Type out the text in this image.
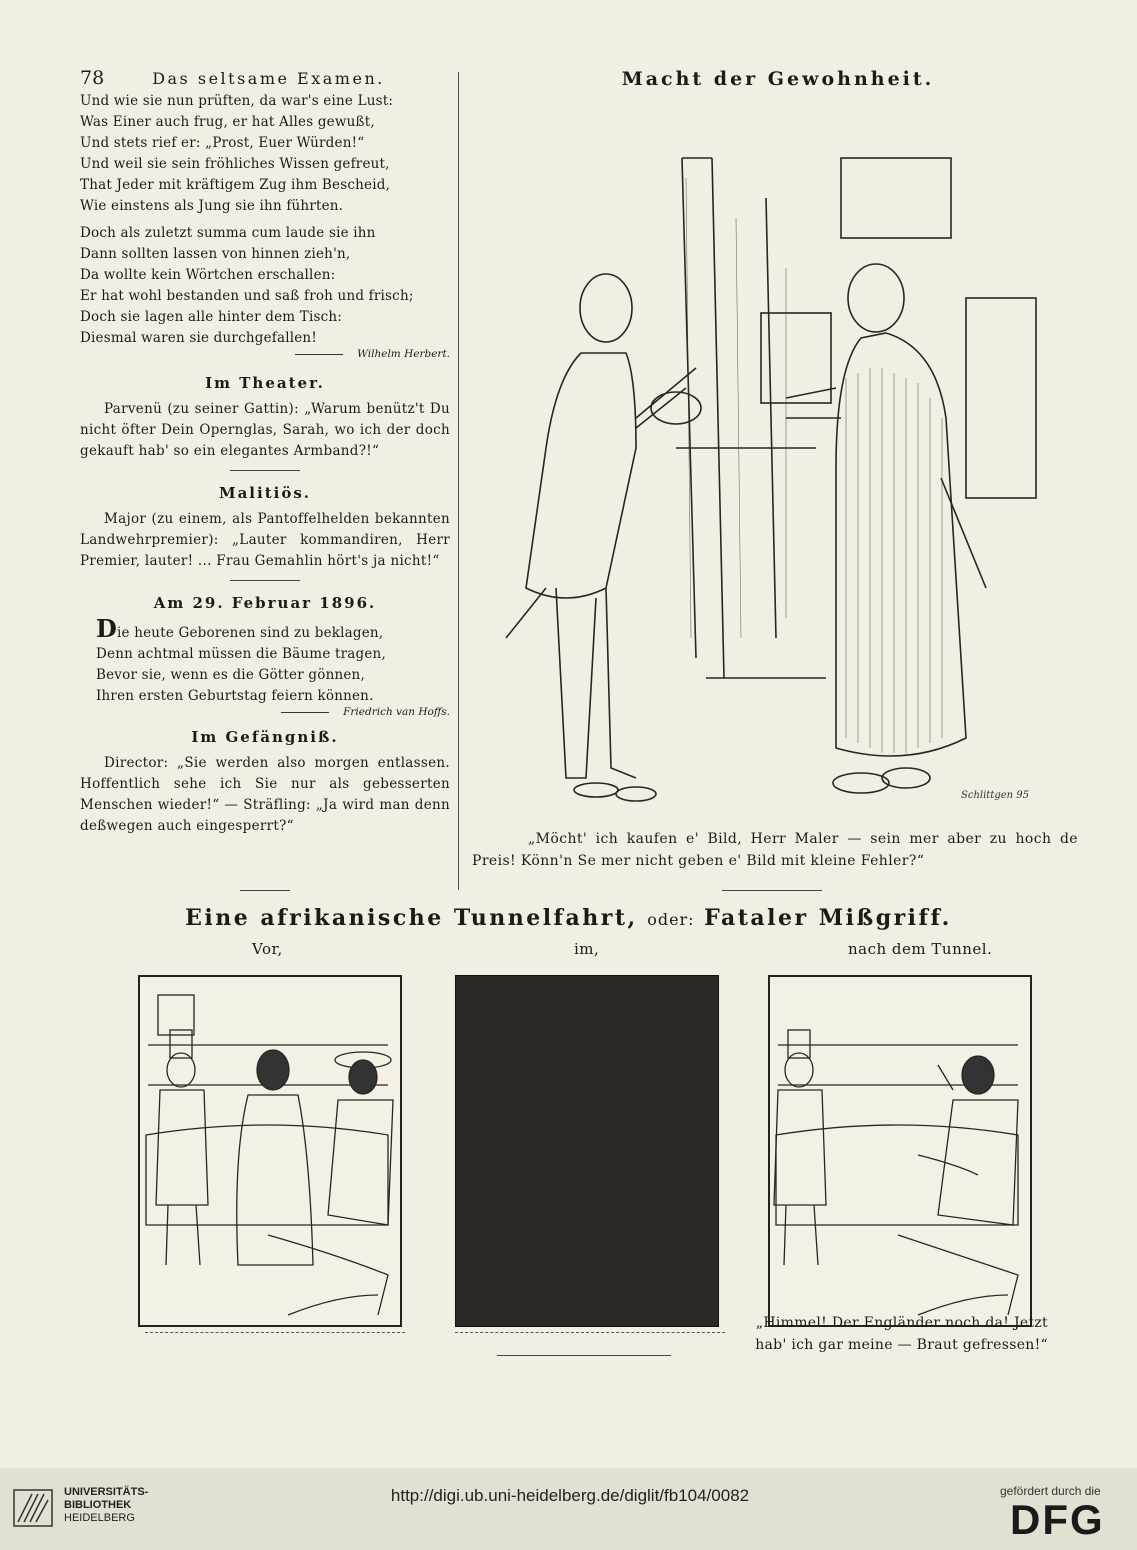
78	Das seltsame Examen.
Und wie sie nun prüften, da war's eine Lust:
Was Einer auch frug, er hat Alles gewußt,
Und stets rief er: „Prost, Euer Würden!“
Und weil sie sein fröhliches Wissen gefreut,
That Jeder mit kräftigem Zug ihm Bescheid,
Wie einstens als Jung sie ihn führten.
Doch als zuletzt summa cum laude sie ihn
Dann sollten lassen von hinnen zieh'n,
Da wollte kein Wörtchen erschallen:
Er hat wohl bestanden und saß froh und frisch;
Doch sie lagen alle hinter dem Tisch:
Diesmal waren sie durchgefallen!
Wilhelm Herbert.
Im Theater.
Parvenü (zu seiner Gattin): „Warum benütz't Du nicht öfter Dein Opernglas, Sarah, wo ich der doch gekauft hab' so ein elegantes Armband?!“
Malitiös.
Major (zu einem, als Pantoffelhelden bekannten Landwehrpremier): „Lauter kommandiren, Herr Premier, lauter! ... Frau Gemahlin hört's ja nicht!“
Am 29. Februar 1896.
Die heute Geborenen sind zu beklagen,
Denn achtmal müssen die Bäume tragen,
Bevor sie, wenn es die Götter gönnen,
Ihren ersten Geburtstag feiern können.
Friedrich van Hoffs.
Im Gefängniß.
Director: „Sie werden also morgen entlassen. Hoffentlich sehe ich Sie nur als gebesserten Menschen wieder!“ — Sträfling: „Ja wird man denn deßwegen auch eingesperrt?“
Macht der Gewohnheit.
Schlittgen 95
„Möcht' ich kaufen e' Bild, Herr Maler — sein mer aber zu hoch de Preis! Könn'n Se mer nicht geben e' Bild mit kleine Fehler?“
Eine afrikanische Tunnelfahrt, oder: Fataler Mißgriff.
Vor,	im,	nach dem Tunnel.
„Himmel! Der Engländer noch da! Jetzt hab' ich gar meine — Braut gefressen!“
UNIVERSITÄTS-
BIBLIOTHEK
HEIDELBERG
http://digi.ub.uni-heidelberg.de/diglit/fb104/0082	gefördert durch die
DFG
